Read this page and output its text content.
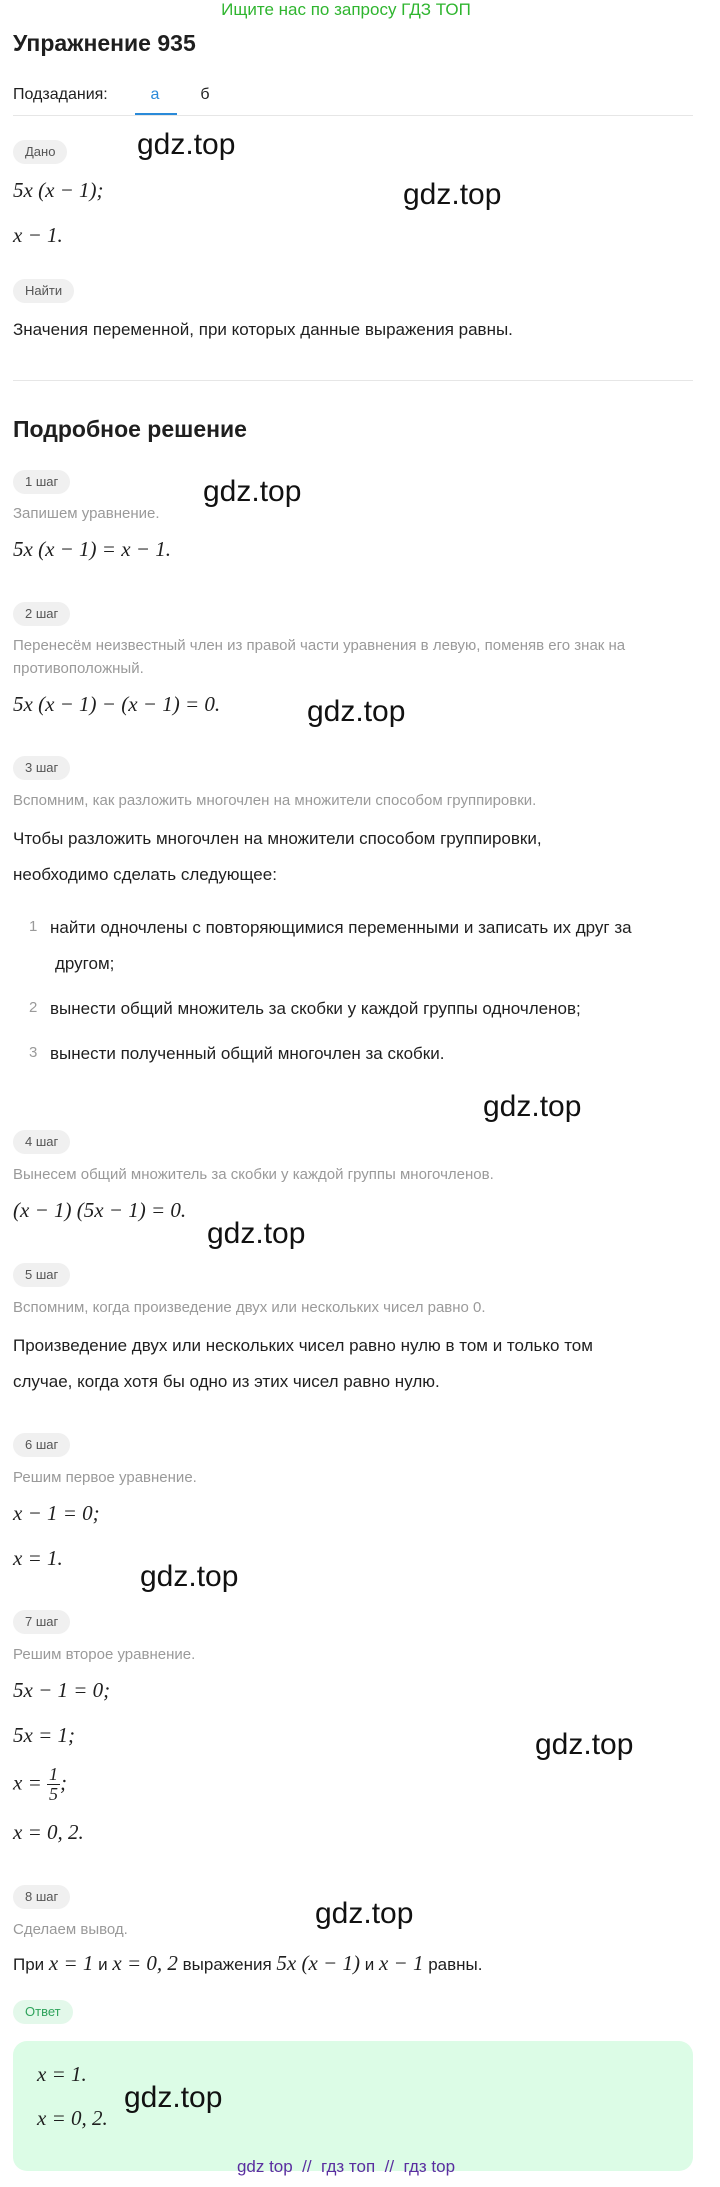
Ищите нас по запросу ГДЗ ТОП
Упражнение 935
Подзадания:	а	б
Дано
5x (x − 1);
x − 1.
Найти
Значения переменной, при которых данные выражения равны.
Подробное решение
1 шаг
Запишем уравнение.
5x (x − 1) = x − 1.
2 шаг
Перенесём неизвестный член из правой части уравнения в левую, поменяв его знак на
противоположный.
5x (x − 1) − (x − 1) = 0.
3 шаг
Вспомним, как разложить многочлен на множители способом группировки.
Чтобы разложить многочлен на множители способом группировки,
необходимо сделать следующее:
1 найти одночлены с повторяющимися переменными и записать их друг за
другом;
2 вынести общий множитель за скобки у каждой группы одночленов;
3 вынести полученный общий многочлен за скобки.
4 шаг
Вынесем общий множитель за скобки у каждой группы многочленов.
(x − 1) (5x − 1) = 0.
5 шаг
Вспомним, когда произведение двух или нескольких чисел равно 0.
Произведение двух или нескольких чисел равно нулю в том и только том
случае, когда хотя бы одно из этих чисел равно нулю.
6 шаг
Решим первое уравнение.
x − 1 = 0;
x = 1.
7 шаг
Решим второе уравнение.
5x − 1 = 0;
5x = 1;
$x = \frac{1}{5}$ ;
x = 0, 2.
8 шаг
Сделаем вывод.
При x = 1 и x = 0, 2 выражения 5x (x − 1) и x − 1 равны.
Ответ
x = 1.
x = 0, 2.
gdz.top
gdz.top
gdz.top
gdz.top
gdz.top
gdz.top
gdz.top
gdz.top
gdz.top
gdz.top
gdz top  //  гдз топ  //  гдз top
